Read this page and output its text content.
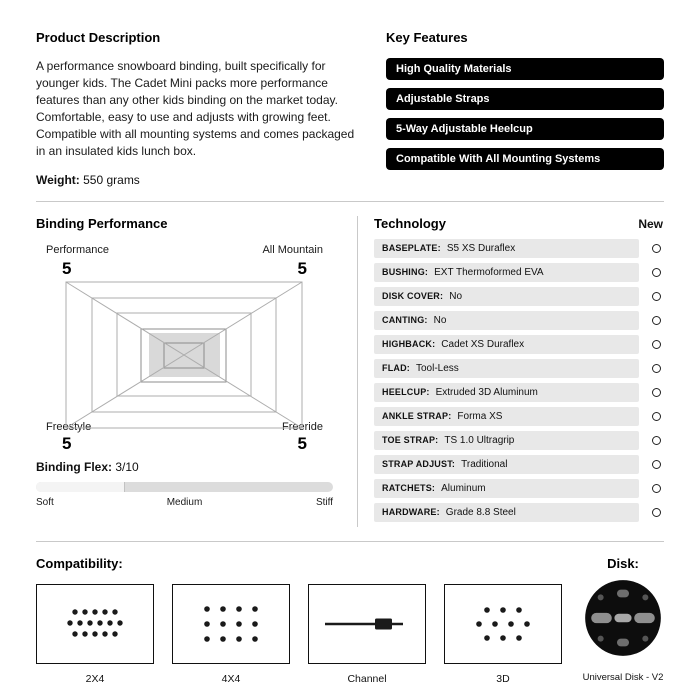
Product Description

A performance snowboard binding, built specifically for younger kids. The Cadet Mini packs more performance features than any other kids binding on the market today. Comfortable, easy to use and adjusts with growing feet. Compatible with all mounting systems and comes packaged in an insulated kids lunch box.

Weight: 550 grams
Key Features
High Quality Materials
Adjustable Straps
5-Way Adjustable Heelcup
Compatible With All Mounting Systems
Binding Performance
Performance
5
All Mountain
5
Freestyle
5
Freeride
5
Binding Flex: 3/10
Soft	Medium	Stiff
Technology	New
BASEPLATE: S5 XS Duraflex
BUSHING: EXT Thermoformed EVA
DISK COVER: No
CANTING: No
HIGHBACK: Cadet XS Duraflex
FLAD: Tool-Less
HEELCUP: Extruded 3D Aluminum
ANKLE STRAP: Forma XS
TOE STRAP: TS 1.0 Ultragrip
STRAP ADJUST: Traditional
RATCHETS: Aluminum
HARDWARE: Grade 8.8 Steel
Compatibility:
2X4	4X4	Channel	3D
Disk:
Universal Disk - V2
